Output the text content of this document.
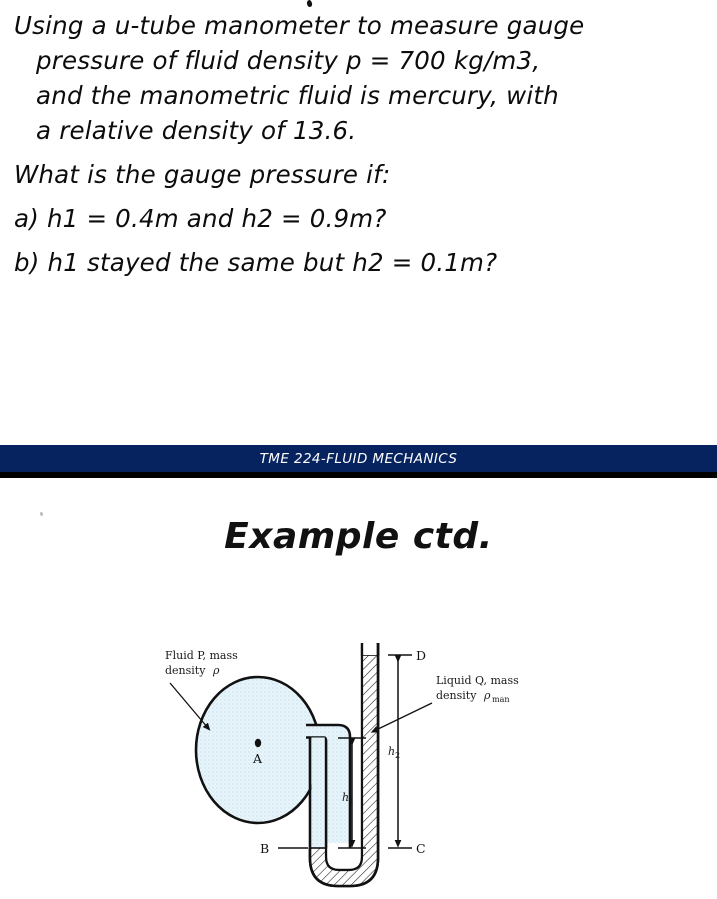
Using a u-tube manometer to measure gauge
pressure of fluid density p = 700 kg/m3,
and the manometric fluid is mercury, with
a relative density of 13.6.
What is the gauge pressure if:
a) h1 = 0.4m and h2 = 0.9m?
b) h1 stayed the same but h2 = 0.1m?
TME 224-FLUID MECHANICS
Example ctd.
A
h 1
h 2
B	C
D
Fluid P, mass
density ρ
Liquid Q, mass
density ρ man
